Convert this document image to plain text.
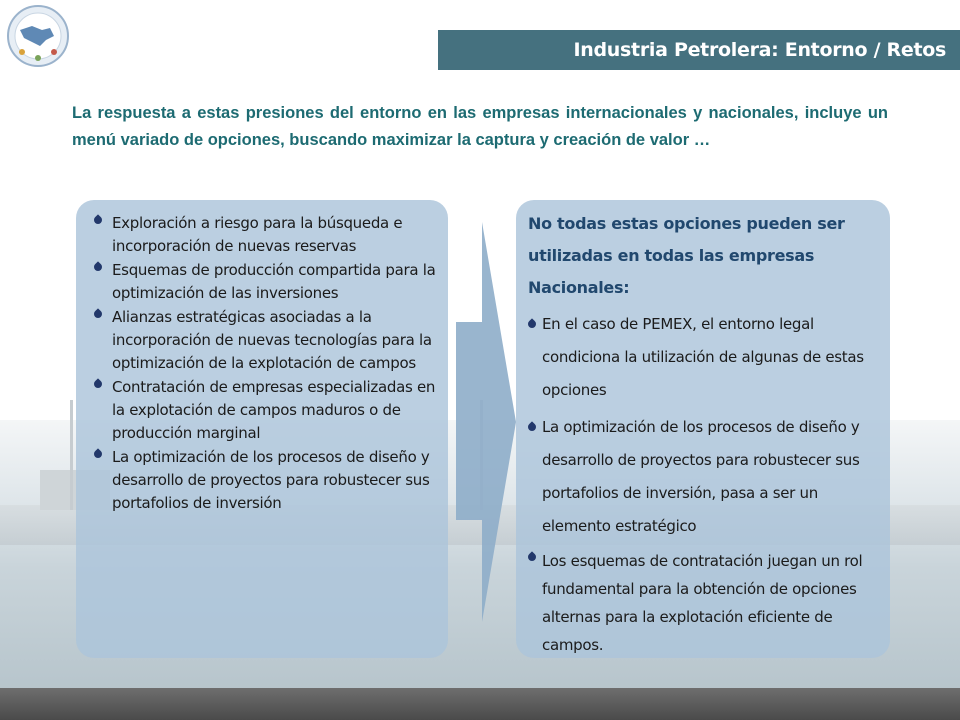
Industria Petrolera: Entorno / Retos

La respuesta a estas presiones del entorno en las empresas internacionales y nacionales, incluye un menú variado de opciones, buscando maximizar la captura y creación de valor …

Exploración a riesgo para la búsqueda e incorporación de nuevas reservas
Esquemas de producción compartida para la optimización de las inversiones
Alianzas estratégicas asociadas a la incorporación de nuevas tecnologías para la optimización de la explotación de campos
Contratación de empresas especializadas en la explotación de campos maduros o de producción marginal
La optimización de los procesos de diseño y desarrollo de proyectos para robustecer sus portafolios de inversión

No todas estas opciones pueden ser utilizadas en todas las empresas Nacionales:

En el caso de PEMEX, el entorno legal condiciona la utilización de algunas de estas opciones
La optimización de los procesos de diseño y desarrollo de proyectos para robustecer sus portafolios de inversión, pasa a ser un elemento estratégico
Los esquemas de contratación juegan un rol fundamental para la obtención de opciones alternas para la explotación eficiente de campos.
